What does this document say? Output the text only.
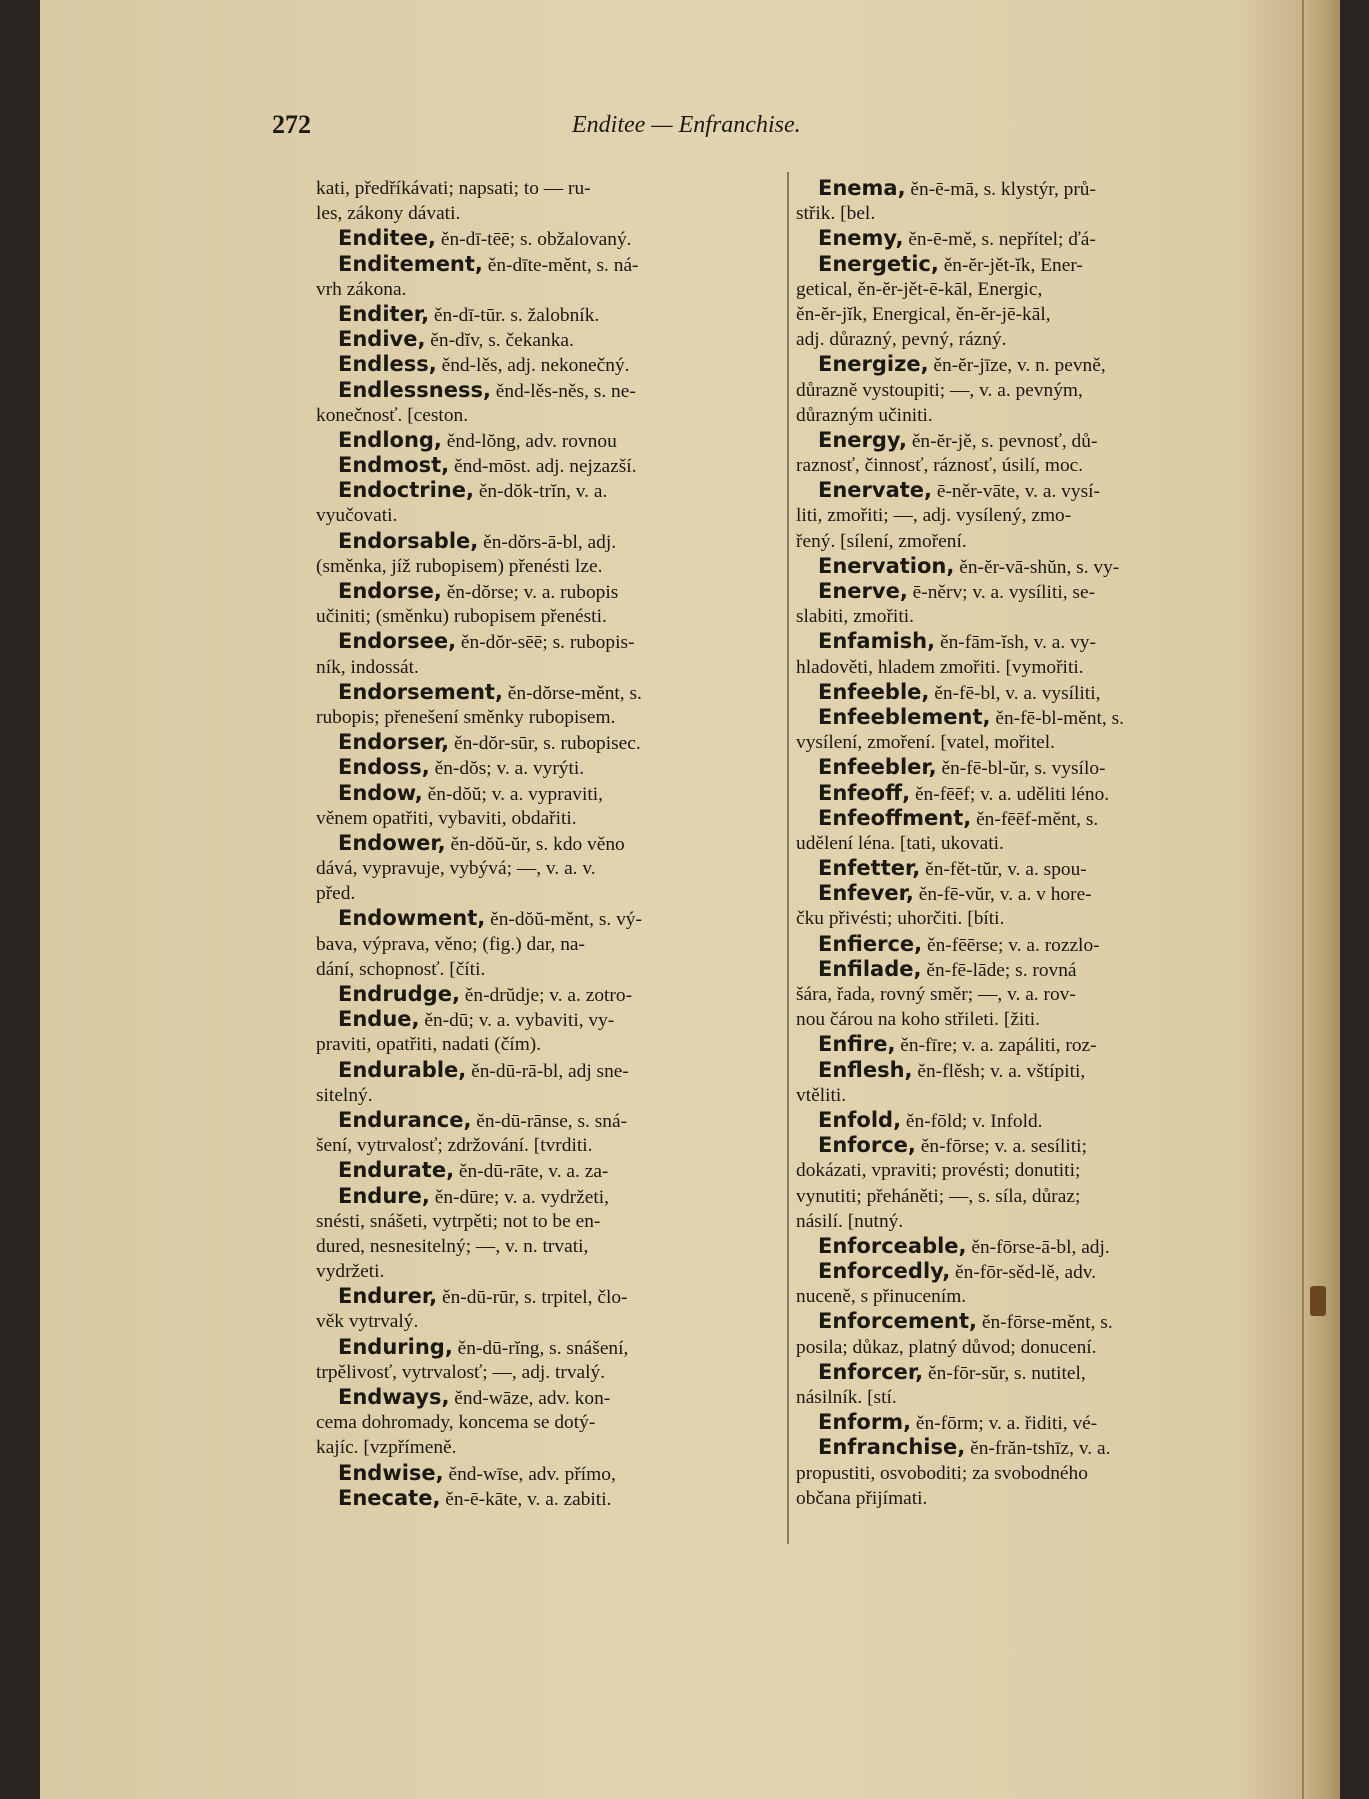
272	Enditee — Enfranchise.
kati, předříkávati; napsati; to — ru-
les, zákony dávati.
Enditee, ěn-dī-tēē; s. obžalovaný.
Enditement, ěn-dīte-měnt, s. ná-
vrh zákona.
Enditer, ěn-dī-tūr. s. žalobník.
Endive, ěn-dĭv, s. čekanka.
Endless, ěnd-lěs, adj. nekonečný.
Endlessness, ěnd-lěs-něs, s. ne-
konečnosť. [ceston.
Endlong, ěnd-lŏng, adv. rovnou
Endmost, ěnd-mōst. adj. nejzazší.
Endoctrine, ěn-dŏk-trĭn, v. a.
vyučovati.
Endorsable, ěn-dŏrs-ā-bl, adj.
(směnka, jíž rubopisem) přenésti lze.
Endorse, ěn-dŏrse; v. a. rubopis
učiniti; (směnku) rubopisem přenésti.
Endorsee, ěn-dŏr-sēē; s. rubopis-
ník, indossát.
Endorsement, ěn-dŏrse-měnt, s.
rubopis; přenešení směnky rubopisem.
Endorser, ěn-dŏr-sūr, s. rubopisec.
Endoss, ěn-dŏs; v. a. vyrýti.
Endow, ěn-dŏŭ; v. a. vypraviti,
věnem opatřiti, vybaviti, obdařiti.
Endower, ěn-dŏŭ-ŭr, s. kdo věno
dává, vypravuje, vybývá; —, v. a. v.
před.
Endowment, ěn-dŏŭ-měnt, s. vý-
bava, výprava, věno; (fig.) dar, na-
dání, schopnosť. [číti.
Endrudge, ěn-drŭdje; v. a. zotro-
Endue, ěn-dū; v. a. vybaviti, vy-
praviti, opatřiti, nadati (čím).
Endurable, ěn-dū-rā-bl, adj sne-
sitelný.
Endurance, ěn-dū-rānse, s. sná-
šení, vytrvalosť; zdržování. [tvrditi.
Endurate, ěn-dū-rāte, v. a. za-
Endure, ěn-dūre; v. a. vydržeti,
snésti, snášeti, vytrpěti; not to be en-
dured, nesnesitelný; —, v. n. trvati,
vydržeti.
Endurer, ěn-dū-rūr, s. trpitel, člo-
věk vytrvalý.
Enduring, ěn-dū-rĭng, s. snášení,
trpělivosť, vytrvalosť; —, adj. trvalý.
Endways, ěnd-wāze, adv. kon-
cema dohromady, koncema se dotý-
kajíc. [vzpřímeně.
Endwise, ěnd-wīse, adv. přímo,
Enecate, ěn-ē-kāte, v. a. zabiti.
Enema, ěn-ē-mā, s. klystýr, prů-
střik. [bel.
Enemy, ěn-ē-mě, s. nepřítel; ďá-
Energetic, ěn-ĕr-jět-ĭk, Ener-
getical, ěn-ĕr-jět-ē-kāl, Energic,
ěn-ĕr-jĭk, Energical, ěn-ĕr-jē-kāl,
adj. důrazný, pevný, rázný.
Energize, ěn-ĕr-jīze, v. n. pevně,
důrazně vystoupiti; —, v. a. pevným,
důrazným učiniti.
Energy, ěn-ĕr-jě, s. pevnosť, dů-
raznosť, činnosť, ráznosť, úsilí, moc.
Enervate, ē-něr-vāte, v. a. vysí-
liti, zmořiti; —, adj. vysílený, zmo-
řený. [sílení, zmoření.
Enervation, ěn-ĕr-vā-shŭn, s. vy-
Enerve, ē-něrv; v. a. vysíliti, se-
slabiti, zmořiti.
Enfamish, ěn-fām-ĭsh, v. a. vy-
hladověti, hladem zmořiti. [vymořiti.
Enfeeble, ěn-fē-bl, v. a. vysíliti,
Enfeeblement, ěn-fē-bl-měnt, s.
vysílení, zmoření. [vatel, mořitel.
Enfeebler, ěn-fē-bl-ŭr, s. vysílo-
Enfeoff, ěn-fēēf; v. a. uděliti léno.
Enfeoffment, ěn-fēēf-měnt, s.
udělení léna. [tati, ukovati.
Enfetter, ěn-fět-tŭr, v. a. spou-
Enfever, ěn-fē-vŭr, v. a. v hore-
čku přivésti; uhorčiti. [bíti.
Enfierce, ěn-fēērse; v. a. rozzlo-
Enfilade, ěn-fē-lāde; s. rovná
šára, řada, rovný směr; —, v. a. rov-
nou čárou na koho střileti. [žiti.
Enfire, ěn-fīre; v. a. zapáliti, roz-
Enflesh, ěn-flěsh; v. a. vštípiti,
vtěliti.
Enfold, ěn-fōld; v. Infold.
Enforce, ěn-fōrse; v. a. sesíliti;
dokázati, vpraviti; provésti; donutiti;
vynutiti; přeháněti; —, s. síla, důraz;
násilí. [nutný.
Enforceable, ěn-fōrse-ā-bl, adj.
Enforcedly, ěn-fōr-sěd-lě, adv.
nuceně, s přinucením.
Enforcement, ěn-fōrse-měnt, s.
posila; důkaz, platný důvod; donucení.
Enforcer, ěn-fōr-sŭr, s. nutitel,
násilník. [stí.
Enform, ěn-fōrm; v. a. řiditi, vé-
Enfranchise, ěn-frăn-tshīz, v. a.
propustiti, osvoboditi; za svobodného
občana přijímati.
